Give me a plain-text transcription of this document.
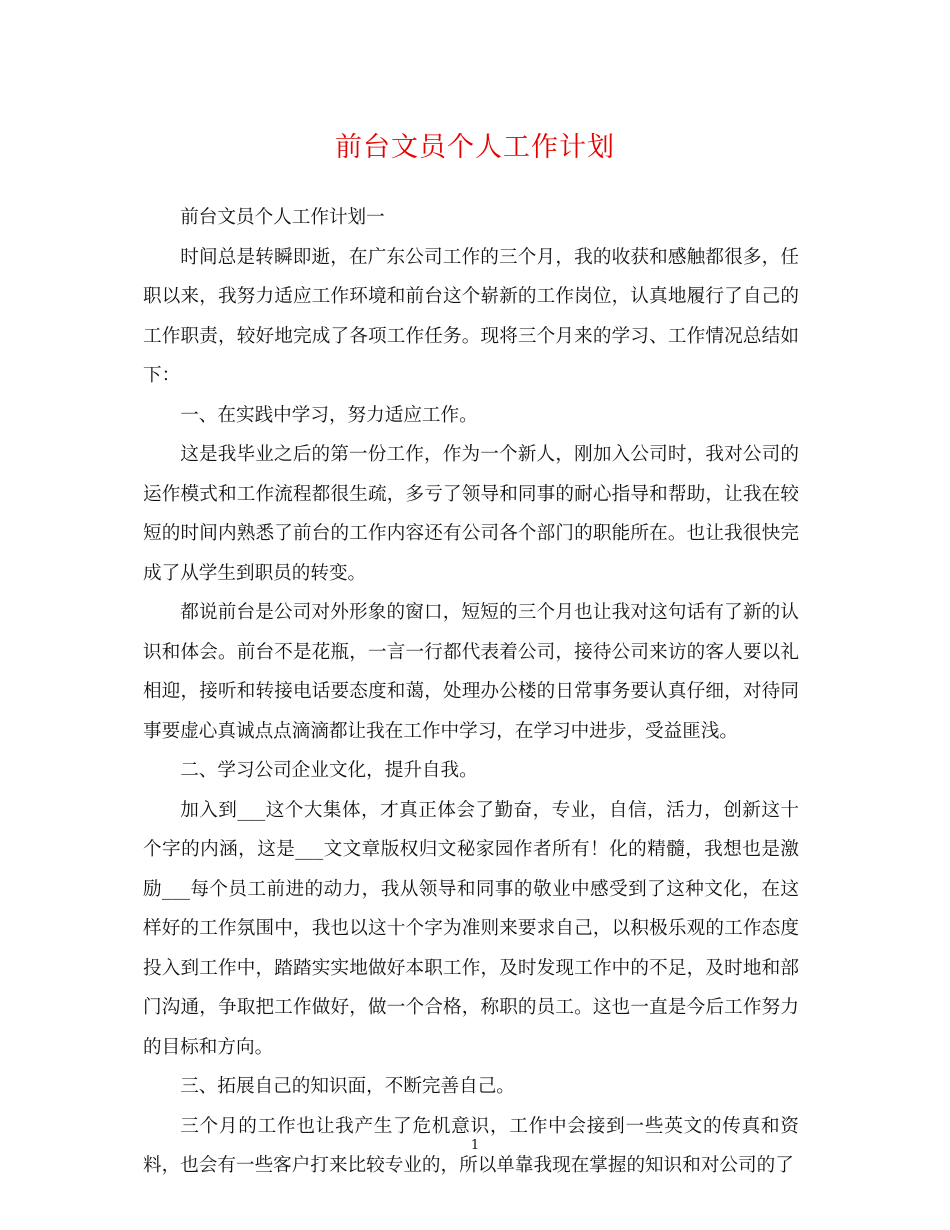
前台文员个人工作计划

前台文员个人工作计划一

时间总是转瞬即逝，在广东公司工作的三个月，我的收获和感触都很多，任职以来，我努力适应工作环境和前台这个崭新的工作岗位，认真地履行了自己的工作职责，较好地完成了各项工作任务。现将三个月来的学习、工作情况总结如下：

一、在实践中学习，努力适应工作。

这是我毕业之后的第一份工作，作为一个新人，刚加入公司时，我对公司的运作模式和工作流程都很生疏，多亏了领导和同事的耐心指导和帮助，让我在较短的时间内熟悉了前台的工作内容还有公司各个部门的职能所在。也让我很快完成了从学生到职员的转变。

都说前台是公司对外形象的窗口，短短的三个月也让我对这句话有了新的认识和体会。前台不是花瓶，一言一行都代表着公司，接待公司来访的客人要以礼相迎，接听和转接电话要态度和蔼，处理办公楼的日常事务要认真仔细，对待同事要虚心真诚点点滴滴都让我在工作中学习，在学习中进步，受益匪浅。

二、学习公司企业文化，提升自我。

加入到___这个大集体，才真正体会了勤奋，专业，自信，活力，创新这十个字的内涵，这是___文文章版权归文秘家园作者所有！化的精髓，我想也是激励___每个员工前进的动力，我从领导和同事的敬业中感受到了这种文化，在这样好的工作氛围中，我也以这十个字为准则来要求自己，以积极乐观的工作态度投入到工作中，踏踏实实地做好本职工作，及时发现工作中的不足，及时地和部门沟通，争取把工作做好，做一个合格，称职的员工。这也一直是今后工作努力的目标和方向。

三、拓展自己的知识面，不断完善自己。

三个月的工作也让我产生了危机意识，工作中会接到一些英文的传真和资料，也会有一些客户打来比较专业的，所以单靠我现在掌握的知识和对公司的了

1
